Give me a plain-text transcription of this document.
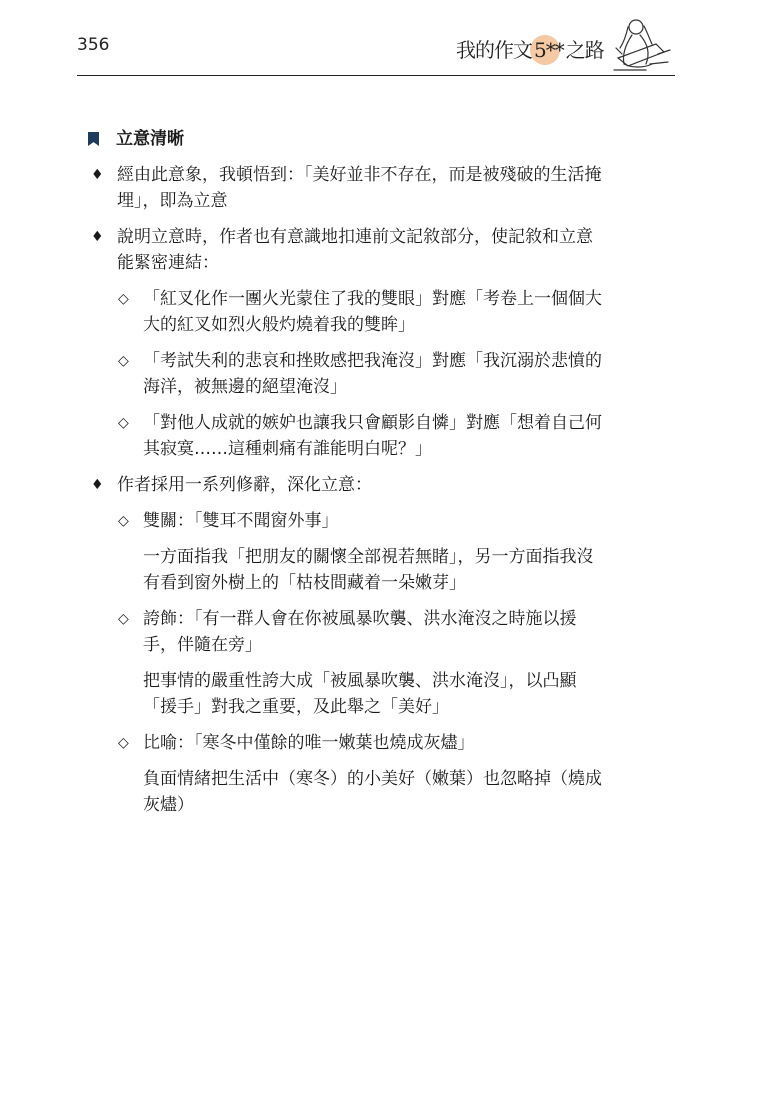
356	我的作文 5** 之路
立意清晰
♦ 經由此意象，我頓悟到：「美好並非不存在，而是被殘破的生活掩埋」，即為立意
♦ 說明立意時，作者也有意識地扣連前文記敘部分，使記敘和立意能緊密連結：
◇ 「紅叉化作一團火光蒙住了我的雙眼」對應「考卷上一個個大大的紅叉如烈火般灼燒着我的雙眸」
◇ 「考試失利的悲哀和挫敗感把我淹沒」對應「我沉溺於悲憤的海洋，被無邊的絕望淹沒」
◇ 「對他人成就的嫉妒也讓我只會顧影自憐」對應「想着自己何其寂寞……這種刺痛有誰能明白呢？」
♦ 作者採用一系列修辭，深化立意：
◇ 雙關：「雙耳不聞窗外事」
一方面指我「把朋友的關懷全部視若無睹」，另一方面指我沒有看到窗外樹上的「枯枝間藏着一朵嫩芽」
◇ 誇飾：「有一群人會在你被風暴吹襲、洪水淹沒之時施以援手，伴隨在旁」
把事情的嚴重性誇大成「被風暴吹襲、洪水淹沒」，以凸顯「援手」對我之重要，及此舉之「美好」
◇ 比喻：「寒冬中僅餘的唯一嫩葉也燒成灰燼」
負面情緒把生活中（寒冬）的小美好（嫩葉）也忽略掉（燒成灰燼）
